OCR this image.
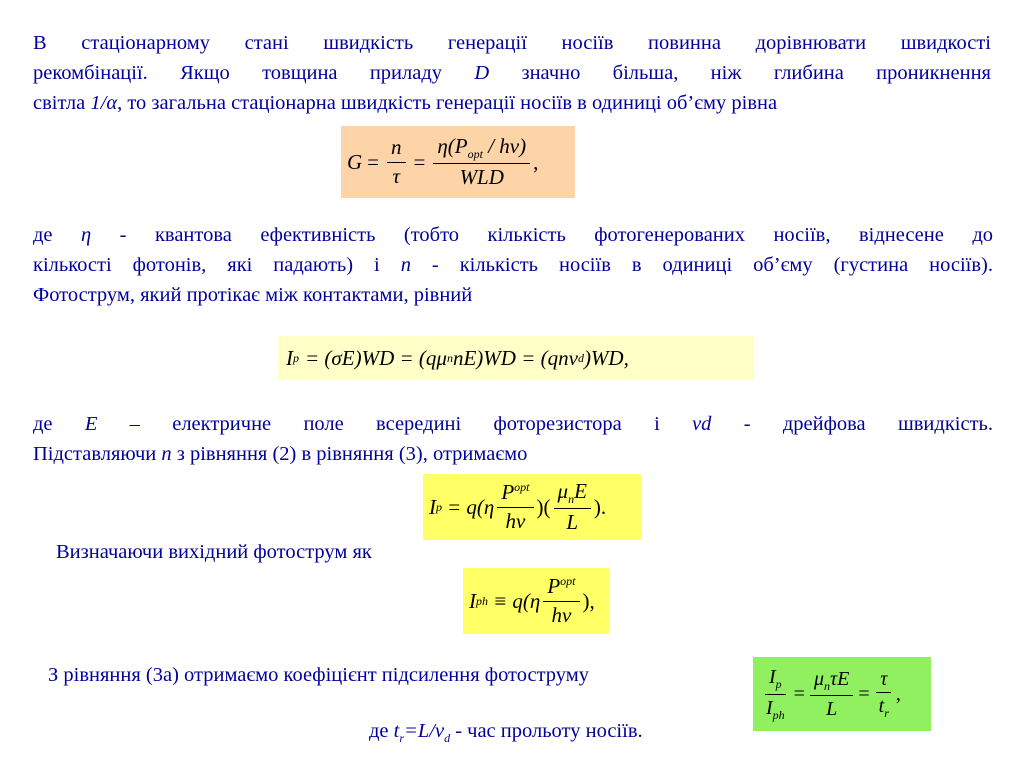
В стаціонарному стані швидкість генерації носіїв повинна дорівнювати швидкості
рекомбінації. Якщо товщина приладу D значно більша, ніж глибина проникнення
світла 1/α, то загальна стаціонарна швидкість генерації носіїв в одиниці об’єму рівна
$G = \frac{n}{\tau} = \frac{\eta(P_{opt} / h\nu)}{\text{WLD}}$ ,
де η - квантова ефективність (тобто кількість фотогенерованих носіїв, віднесене до
кількості фотонів, які падають) і n - кількість носіїв в одиниці об’єму (густина носіїв).
Фотострум, який протікає між контактами, рівний
I p = (σE)WD = (qμ n nE)WD = (qnv d )WD,
де E – електричне поле всередині фоторезистора і vd - дрейфова швидкість.
Підставляючи n з рівняння (2) в рівняння (3), отримаємо
I $p = q(\eta \frac{P^{opt}}{h\nu}$ )( $\frac{\mu_nE}{L}$ ).
Визначаючи вихідний фотострум як
I ph ≡ $q(\eta \frac{P^{opt}}{h\nu}$ ),
З рівняння (3а) отримаємо коефіцієнт підсилення фотоструму	$\frac{I_p}{I_{ph}} = \frac{\mu_n\tau E}{L} = \frac{\tau}{t_r}$ ,
де $t_r=L/v_d$ - час прольоту носіїв.
